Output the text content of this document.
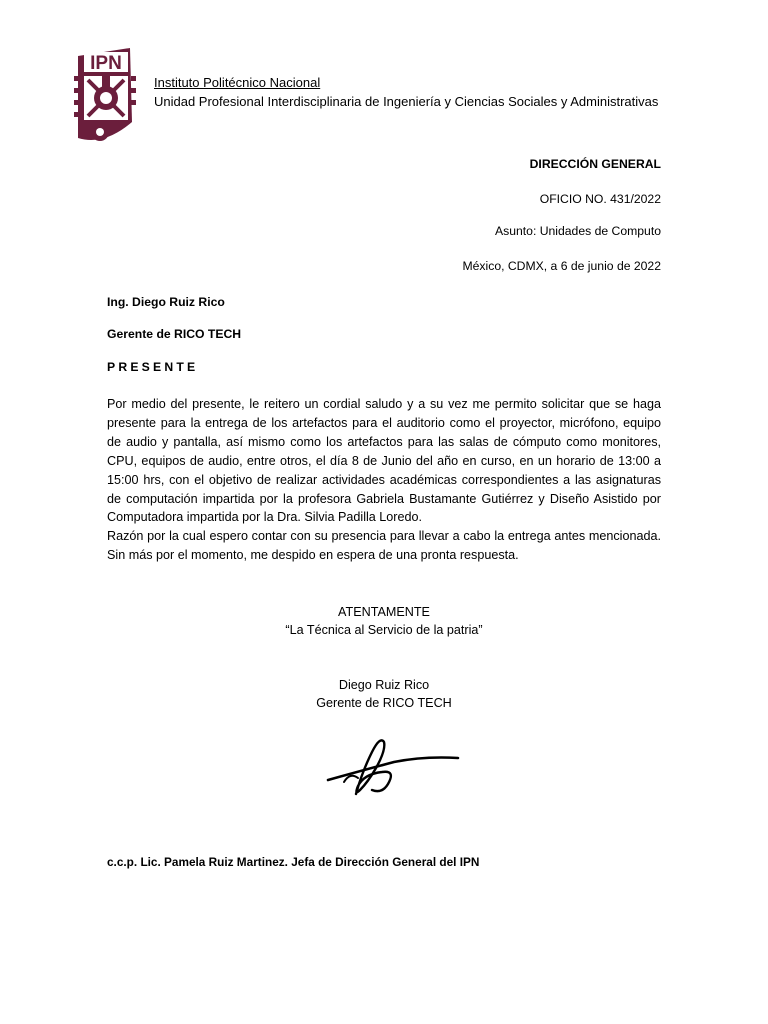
IPN
Instituto Politécnico Nacional
Unidad Profesional Interdisciplinaria de Ingeniería y Ciencias Sociales y Administrativas
DIRECCIÓN GENERAL
OFICIO NO. 431/2022
Asunto: Unidades de Computo
México, CDMX, a 6 de junio de 2022
Ing. Diego Ruiz Rico
Gerente de RICO TECH
PRESENTE

Por medio del presente, le reitero un cordial saludo y a su vez me permito solicitar que se haga presente para la entrega de los artefactos para el auditorio como el proyector, micrófono, equipo de audio y pantalla, así mismo como los artefactos para las salas de cómputo como monitores, CPU, equipos de audio, entre otros, el día 8 de Junio del año en curso, en un horario de 13:00 a 15:00 hrs, con el objetivo de realizar actividades académicas correspondientes a las asignaturas de computación impartida por la profesora Gabriela Bustamante Gutiérrez y Diseño Asistido por Computadora impartida por la Dra. Silvia Padilla Loredo.

Razón por la cual espero contar con su presencia para llevar a cabo la entrega antes mencionada. Sin más por el momento, me despido en espera de una pronta respuesta.

ATENTAMENTE
“La Técnica al Servicio de la patria”
Diego Ruiz Rico
Gerente de RICO TECH
c.c.p. Lic. Pamela Ruiz Martinez. Jefa de Dirección General del IPN
